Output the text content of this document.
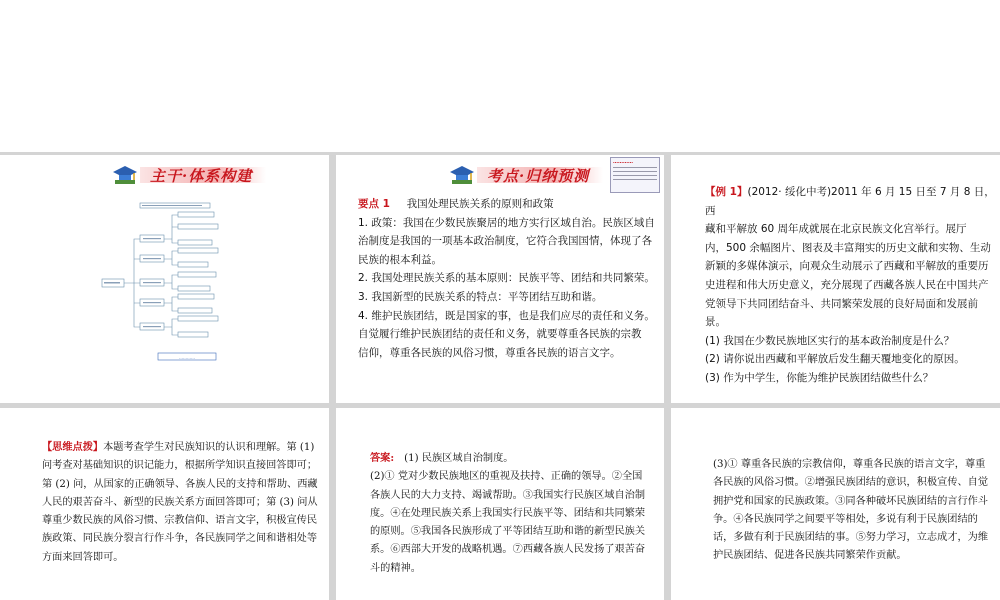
主干·体系构建
…………
考点·归纳预测
…………

要点 1 我国处理民族关系的原则和政策

1. 政策：我国在少数民族聚居的地方实行区域自治。民族区域自

治制度是我国的一项基本政治制度，它符合我国国情，体现了各

民族的根本利益。

2. 我国处理民族关系的基本原则：民族平等、团结和共同繁荣。

3. 我国新型的民族关系的特点：平等团结互助和谐。

4. 维护民族团结，既是国家的事，也是我们应尽的责任和义务。

自觉履行维护民族团结的责任和义务，就要尊重各民族的宗教

信仰，尊重各民族的风俗习惯，尊重各民族的语言文字。

【例 1】(2012· 绥化中考)2011 年 6 月 15 日至 7 月 8 日，西

藏和平解放 60 周年成就展在北京民族文化宫举行。展厅

内，500 余幅图片、图表及丰富翔实的历史文献和实物、生动

新颖的多媒体演示，向观众生动展示了西藏和平解放的重要历

史进程和伟大历史意义，充分展现了西藏各族人民在中国共产

党领导下共同团结奋斗、共同繁荣发展的良好局面和发展前景。

(1) 我国在少数民族地区实行的基本政治制度是什么？

(2) 请你说出西藏和平解放后发生翻天覆地变化的原因。

(3) 作为中学生，你能为维护民族团结做些什么？

【思维点拨】本题考查学生对民族知识的认识和理解。第 (1)

问考查对基础知识的识记能力，根据所学知识直接回答即可；

第 (2) 问，从国家的正确领导、各族人民的支持和帮助、西藏

人民的艰苦奋斗、新型的民族关系方面回答即可；第 (3) 问从

尊重少数民族的风俗习惯、宗教信仰、语言文字，积极宣传民

族政策、同民族分裂言行作斗争，各民族同学之间和谐相处等

方面来回答即可。

答案: (1) 民族区域自治制度。

(2)① 党对少数民族地区的重视及扶持、正确的领导。②全国

各族人民的大力支持、竭诚帮助。③我国实行民族区域自治制

度。④在处理民族关系上我国实行民族平等、团结和共同繁荣

的原则。⑤我国各民族形成了平等团结互助和谐的新型民族关

系。⑥西部大开发的战略机遇。⑦西藏各族人民发扬了艰苦奋

斗的精神。

(3)① 尊重各民族的宗教信仰，尊重各民族的语言文字，尊重

各民族的风俗习惯。②增强民族团结的意识，积极宣传、自觉

拥护党和国家的民族政策。③同各种破坏民族团结的言行作斗

争。④各民族同学之间要平等相处，多说有利于民族团结的

话，多做有利于民族团结的事。⑤努力学习，立志成才，为维

护民族团结、促进各民族共同繁荣作贡献。
